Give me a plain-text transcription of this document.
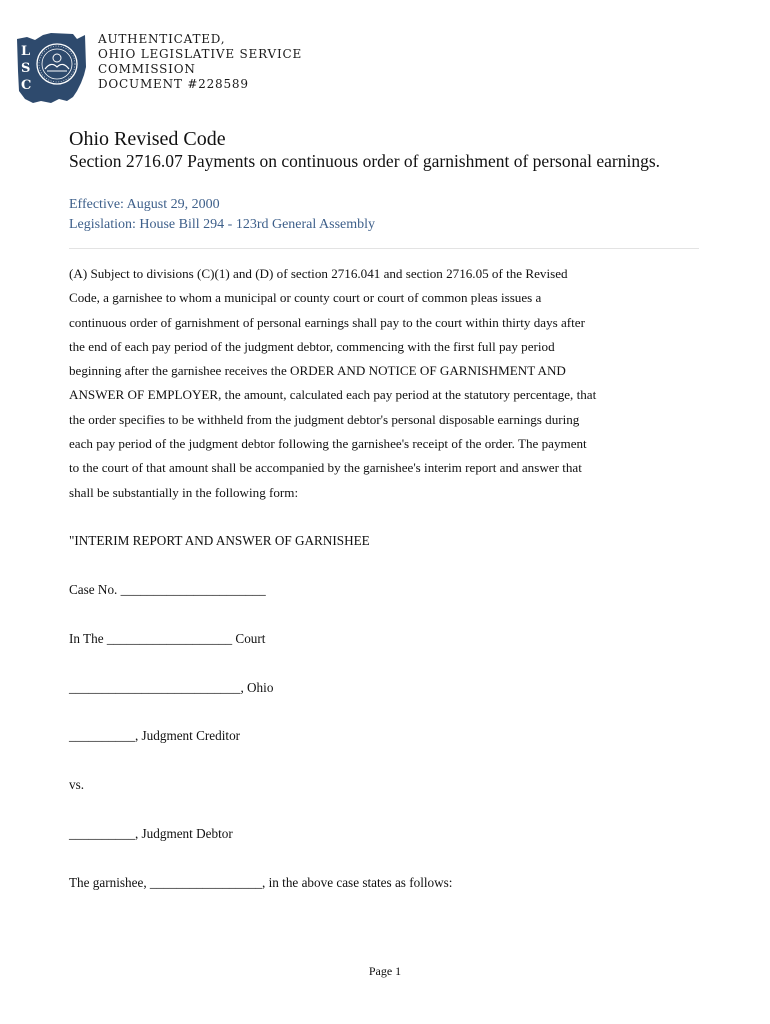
L
S
C
AUTHENTICATED,
OHIO LEGISLATIVE SERVICE
COMMISSION
DOCUMENT #228589
Ohio Revised Code
Section 2716.07 Payments on continuous order of garnishment of personal earnings.
Effective: August 29, 2000
Legislation: House Bill 294 - 123rd General Assembly
(A) Subject to divisions (C)(1) and (D) of section 2716.041 and section 2716.05 of the Revised
Code, a garnishee to whom a municipal or county court or court of common pleas issues a
continuous order of garnishment of personal earnings shall pay to the court within thirty days after
the end of each pay period of the judgment debtor, commencing with the first full pay period
beginning after the garnishee receives the ORDER AND NOTICE OF GARNISHMENT AND
ANSWER OF EMPLOYER, the amount, calculated each pay period at the statutory percentage, that
the order specifies to be withheld from the judgment debtor's personal disposable earnings during
each pay period of the judgment debtor following the garnishee's receipt of the order. The payment
to the court of that amount shall be accompanied by the garnishee's interim report and answer that
shall be substantially in the following form:
"INTERIM REPORT AND ANSWER OF GARNISHEE
Case No. ______________________
In The ___________________ Court
__________________________, Ohio
__________, Judgment Creditor
vs.
__________, Judgment Debtor
The garnishee, _________________, in the above case states as follows:
Page 1
